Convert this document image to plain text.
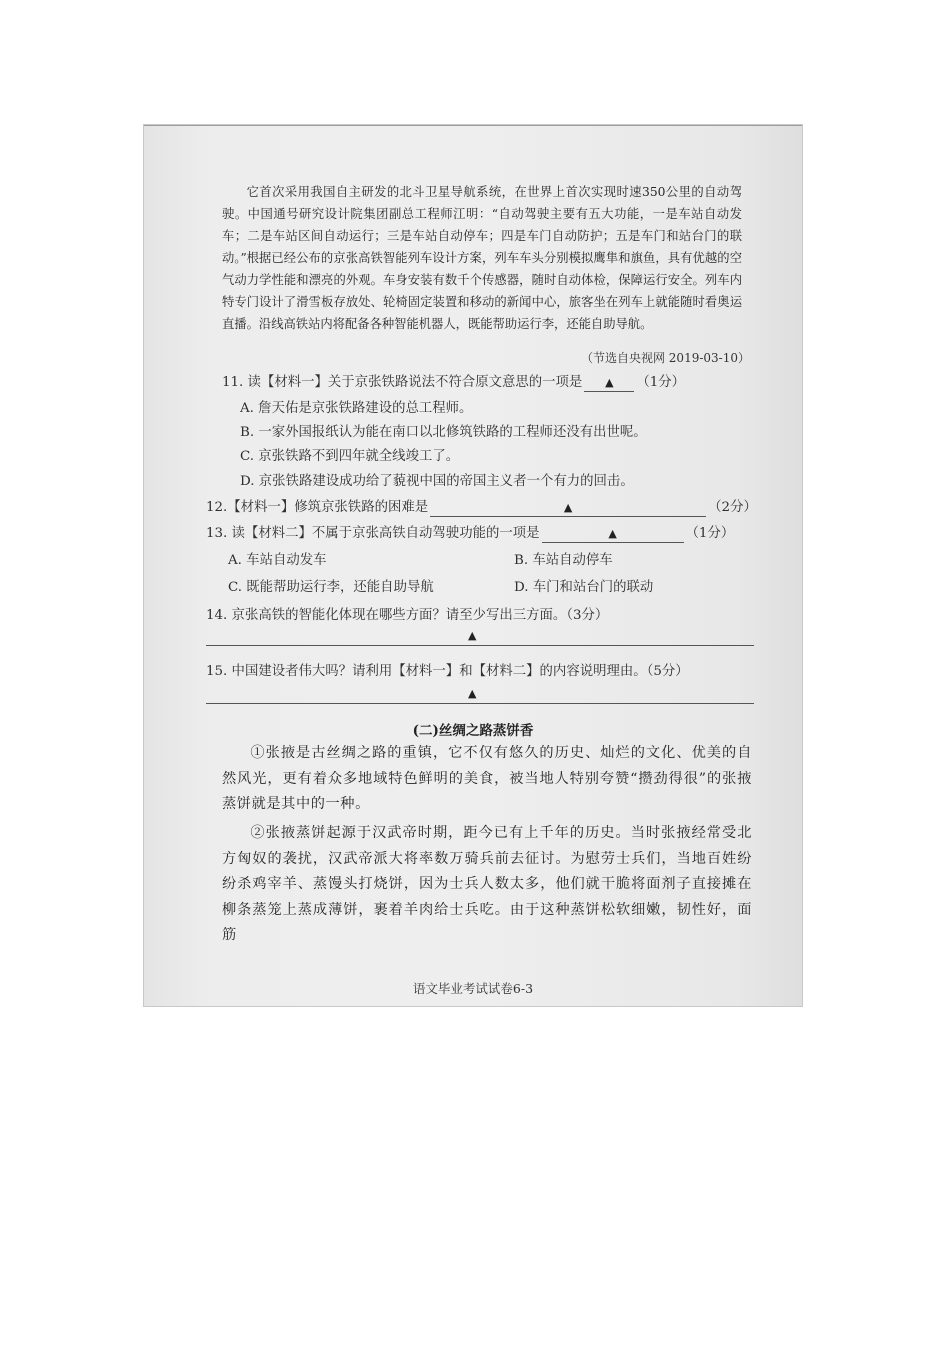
它首次采用我国自主研发的北斗卫星导航系统，在世界上首次实现时速350公里的自动驾驶。中国通号研究设计院集团副总工程师江明：“自动驾驶主要有五大功能，一是车站自动发车；二是车站区间自动运行；三是车站自动停车；四是车门自动防护；五是车门和站台门的联动。” 根据已经公布的京张高铁智能列车设计方案，列车车头分别模拟鹰隼和旗鱼，具有优越的空气动力学性能和漂亮的外观。车身安装有数千个传感器，随时自动体检，保障运行安全。列车内特专门设计了滑雪板存放处、轮椅固定装置和移动的新闻中心，旅客坐在列车上就能随时看奥运直播。沿线高铁站内将配备各种智能机器人，既能帮助运行李，还能自助导航。

（节选自央视网 2019-03-10）
11. 读【材料一】关于京张铁路说法不符合原文意思的一项是 ▲ （1分）
A. 詹天佑是京张铁路建设的总工程师。
B. 一家外国报纸认为能在南口以北修筑铁路的工程师还没有出世呢。
C. 京张铁路不到四年就全线竣工了。
D. 京张铁路建设成功给了藐视中国的帝国主义者一个有力的回击。
12.【材料一】修筑京张铁路的困难是	▲	（2分）
13. 读【材料二】不属于京张高铁自动驾驶功能的一项是	▲	（1分）
A. 车站自动发车	B. 车站自动停车
C. 既能帮助运行李，还能自助导航	D. 车门和站台门的联动
14. 京张高铁的智能化体现在哪些方面？请至少写出三方面。（3分）
▲
15. 中国建设者伟大吗？请利用【材料一】和【材料二】的内容说明理由。（5分）
▲
(二)丝绸之路蒸饼香

①张掖是古丝绸之路的重镇，它不仅有悠久的历史、灿烂的文化、优美的自然风光，更有着众多地域特色鲜明的美食，被当地人特别夸赞“攒劲得很”的张掖蒸饼就是其中的一种。

②张掖蒸饼起源于汉武帝时期，距今已有上千年的历史。当时张掖经常受北方匈奴的袭扰，汉武帝派大将率数万骑兵前去征讨。为慰劳士兵们，当地百姓纷纷杀鸡宰羊、蒸馒头打烧饼，因为士兵人数太多，他们就干脆将面剂子直接摊在柳条蒸笼上蒸成薄饼，裹着羊肉给士兵吃。由于这种蒸饼松软细嫩，韧性好，面筋

语文毕业考试试卷6-3
